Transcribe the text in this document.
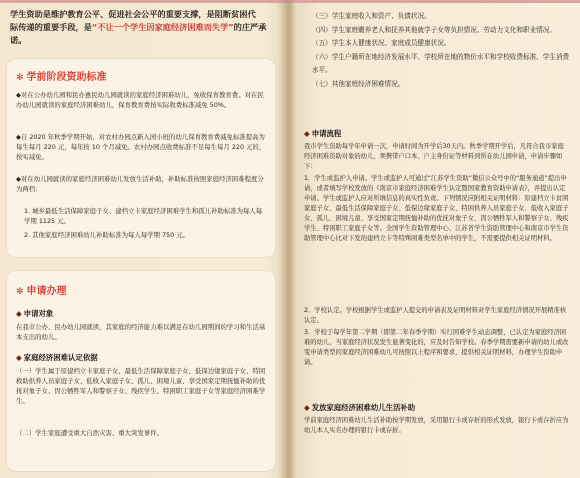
学生资助是维护教育公平、促进社会公平的重要支撑，是阻断贫困代
际传递的重要手段，是“不让一个学生因家庭经济困难而失学”的庄严承诺。
✻ 学前阶段资助标准
◆对在公办幼儿园和民办惠民幼儿园就读的家庭经济困难幼儿，免收保育教育费。对在民办幼儿园就读的家庭经济困难幼儿，保育教育费按实际收费标准减免 50%。
◆自 2020 年秋季学期开始，对农村办园点新入园小班的幼儿保育教育费减免标准提高为每生每月 220 元，每年按 10 个月减免。农村办园点收费标准不足每生每月 220 元的，按实减免。
◆对在幼儿园就读的家庭经济困难幼儿发放生活补助，补助标准按照家庭经济困难程度分为两档：
1. 城乡最低生活保障家庭子女、建档立卡家庭经济困难学生和孤儿补助标准为每人每学期 1125 元。
2. 其他家庭经济困难幼儿补助标准为每人每学期 750 元。
✻ 申请办理
◆ 申请对象
在我市公办、民办幼儿园就读，其家庭的经济能力难以满足在幼儿园期间的学习和生活基本支出的幼儿。
◆ 家庭经济困难认定依据
（一）学生属于原建档立卡家庭子女、最低生活保障家庭子女、低保边缘家庭子女、特困救助供养人员家庭子女、低收入家庭子女、孤儿、困境儿童、享受国家定期抚恤补助的优抚对象子女、因公牺牲军人和警察子女、残疾学生、特困职工家庭子女等家庭经济困难学生。
（二）学生家庭遭受重大自然灾害、重大突发事件。
（三）学生家庭收入和资产、负债状况。
（四）学生家庭赡养老人和抚养其他就学子女等负担情况、劳动力文化和职业情况。
（五）学生本人健康状况、家庭成员健康状况。
（六）学生户籍所在地经济发展水平、学校所在地的物价水平和学校收费标准、学生消费水平。
（七）其他家庭经济困难情况。
◆ 申请流程
我市学生资助每学年申请一次，申请时间为开学后30天内。秋季学期开学后，凡符合我市家庭经济困难资助对象的幼儿，须携带户口本、户主身份证等材料到所在幼儿园申请，申请步骤如下：
1．学生或监护人申请。学生或监护人可通过“江苏学生资助”微信公众号中的“服务通道”提出申请，或者填写学校发放的《南京市家庭经济困难学生认定暨国家教育资助申请表》，并提出认定申请。学生或监护人应对所填信息的真实性负责。下列情况应附相关证明材料：原建档立卡贫困家庭子女、最低生活保障家庭子女、低保边缘家庭子女、特困供养人员家庭子女、低收入家庭子女、孤儿、困境儿童、享受国家定期抚恤补助的优抚对象子女、因公牺牲军人和警察子女、残疾学生、特困职工家庭子女等。全国学生资助管理中心、江苏省学生资助管理中心和南京市学生资助管理中心比对下发的建档立卡等特殊困难类型名单中的学生，不需要提供相关证明材料。
2．学校认定。学校根据学生或监护人提交的申请表及证明材料对学生家庭经济情况开展精准核认定。
3．学校于每学年第二学期（即第二年春季学期）实行困难学生动态调整，已认定为家庭经济困难的幼儿，当家庭经济状况发生显著变化的，应及时告知学校。春季学期需要新申请的幼儿或改变申请类型的家庭经济困难幼儿可按照以上程序和要求，提供相关证明材料，办理学生资助申请。
◆ 发放家庭经济困难幼儿生活补助
学前家庭经济困难幼儿生活补助按学期发放，采用银行卡或存折的形式发放，银行卡或存折应为幼儿本人实名办理的银行卡或存折。
